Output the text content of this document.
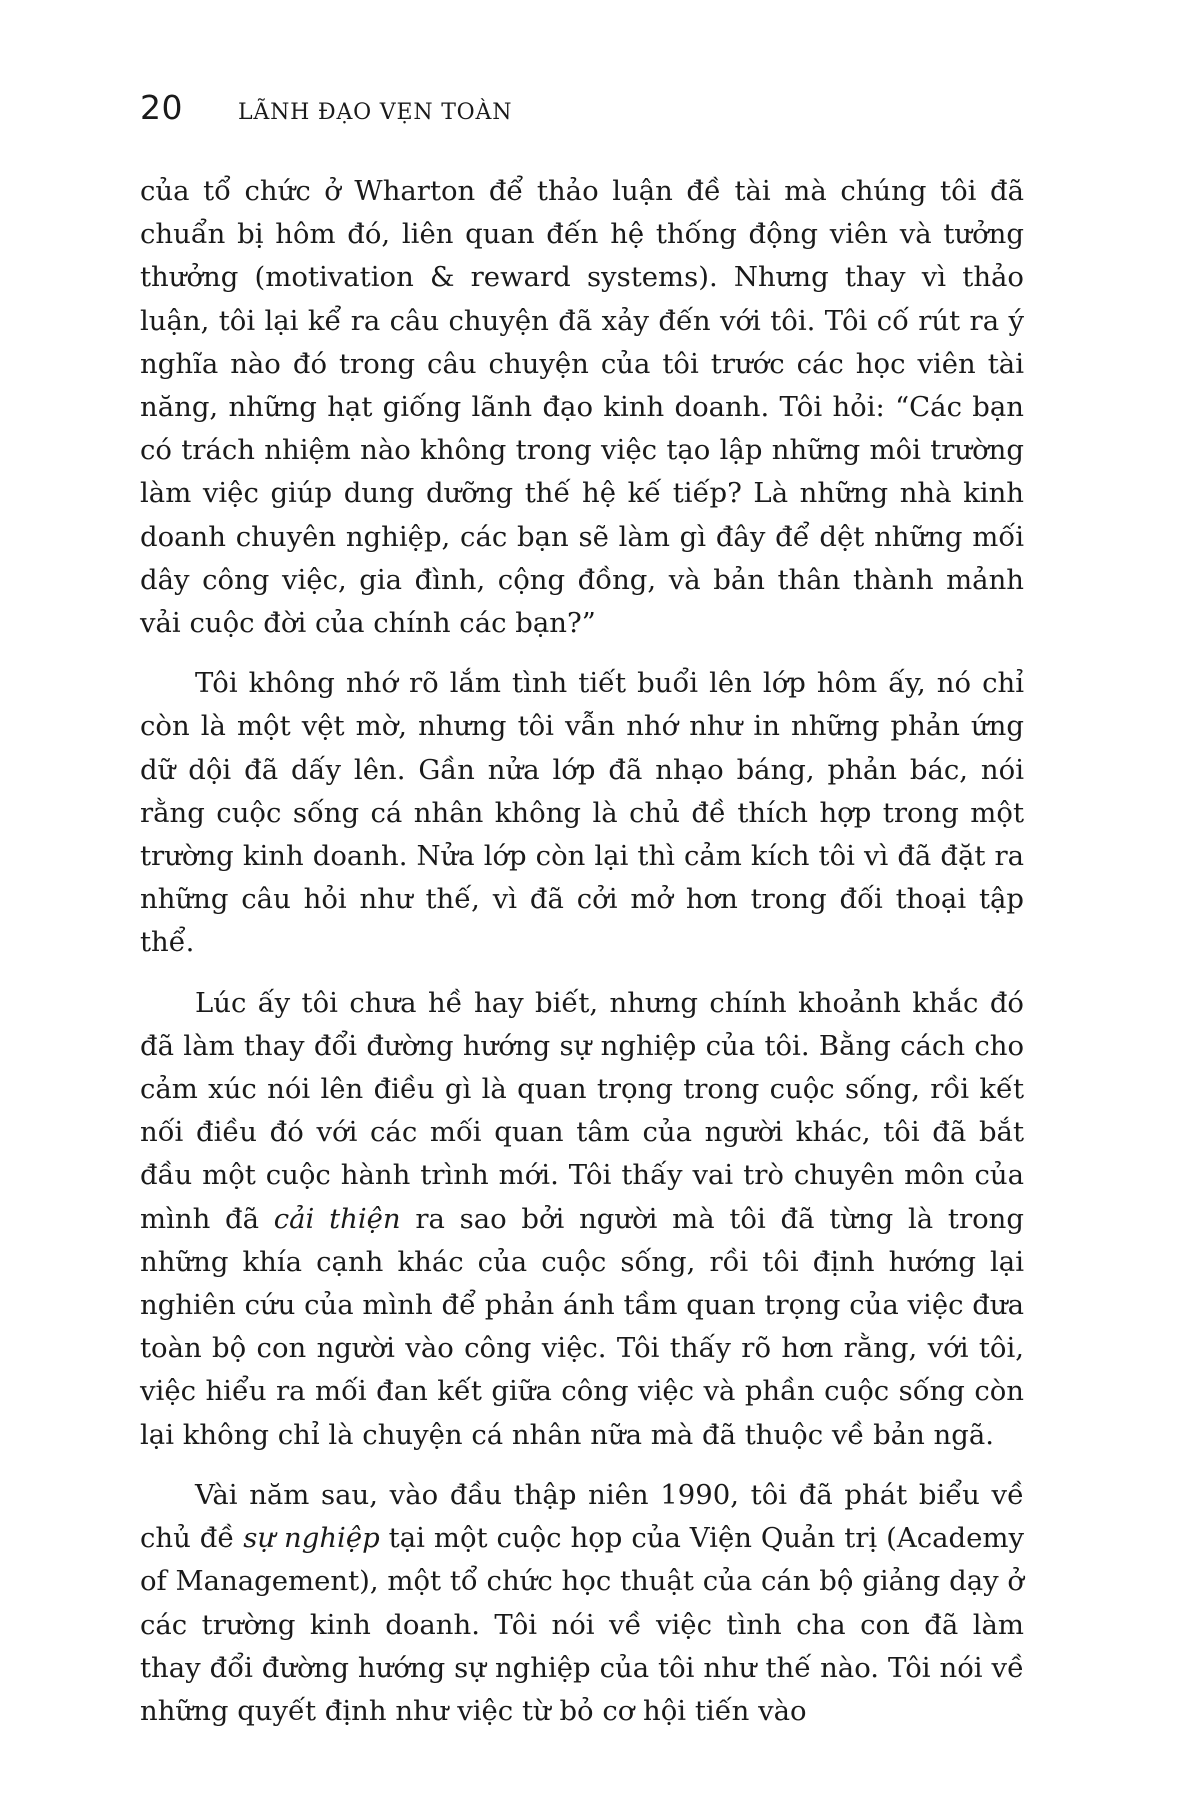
20	LÃNH ĐẠO VẸN TOÀN

của tổ chức ở Wharton để thảo luận đề tài mà chúng tôi đã chuẩn bị hôm đó, liên quan đến hệ thống động viên và tưởng thưởng (motivation & reward systems). Nhưng thay vì thảo luận, tôi lại kể ra câu chuyện đã xảy đến với tôi. Tôi cố rút ra ý nghĩa nào đó trong câu chuyện của tôi trước các học viên tài năng, những hạt giống lãnh đạo kinh doanh. Tôi hỏi: “Các bạn có trách nhiệm nào không trong việc tạo lập những môi trường làm việc giúp dung dưỡng thế hệ kế tiếp? Là những nhà kinh doanh chuyên nghiệp, các bạn sẽ làm gì đây để dệt những mối dây công việc, gia đình, cộng đồng, và bản thân thành mảnh vải cuộc đời của chính các bạn?”

Tôi không nhớ rõ lắm tình tiết buổi lên lớp hôm ấy, nó chỉ còn là một vệt mờ, nhưng tôi vẫn nhớ như in những phản ứng dữ dội đã dấy lên. Gần nửa lớp đã nhạo báng, phản bác, nói rằng cuộc sống cá nhân không là chủ đề thích hợp trong một trường kinh doanh. Nửa lớp còn lại thì cảm kích tôi vì đã đặt ra những câu hỏi như thế, vì đã cởi mở hơn trong đối thoại tập thể.

Lúc ấy tôi chưa hề hay biết, nhưng chính khoảnh khắc đó đã làm thay đổi đường hướng sự nghiệp của tôi. Bằng cách cho cảm xúc nói lên điều gì là quan trọng trong cuộc sống, rồi kết nối điều đó với các mối quan tâm của người khác, tôi đã bắt đầu một cuộc hành trình mới. Tôi thấy vai trò chuyên môn của mình đã cải thiện ra sao bởi người mà tôi đã từng là trong những khía cạnh khác của cuộc sống, rồi tôi định hướng lại nghiên cứu của mình để phản ánh tầm quan trọng của việc đưa toàn bộ con người vào công việc. Tôi thấy rõ hơn rằng, với tôi, việc hiểu ra mối đan kết giữa công việc và phần cuộc sống còn lại không chỉ là chuyện cá nhân nữa mà đã thuộc về bản ngã.

Vài năm sau, vào đầu thập niên 1990, tôi đã phát biểu về chủ đề sự nghiệp tại một cuộc họp của Viện Quản trị (Academy of Management), một tổ chức học thuật của cán bộ giảng dạy ở các trường kinh doanh. Tôi nói về việc tình cha con đã làm thay đổi đường hướng sự nghiệp của tôi như thế nào. Tôi nói về những quyết định như việc từ bỏ cơ hội tiến vào
